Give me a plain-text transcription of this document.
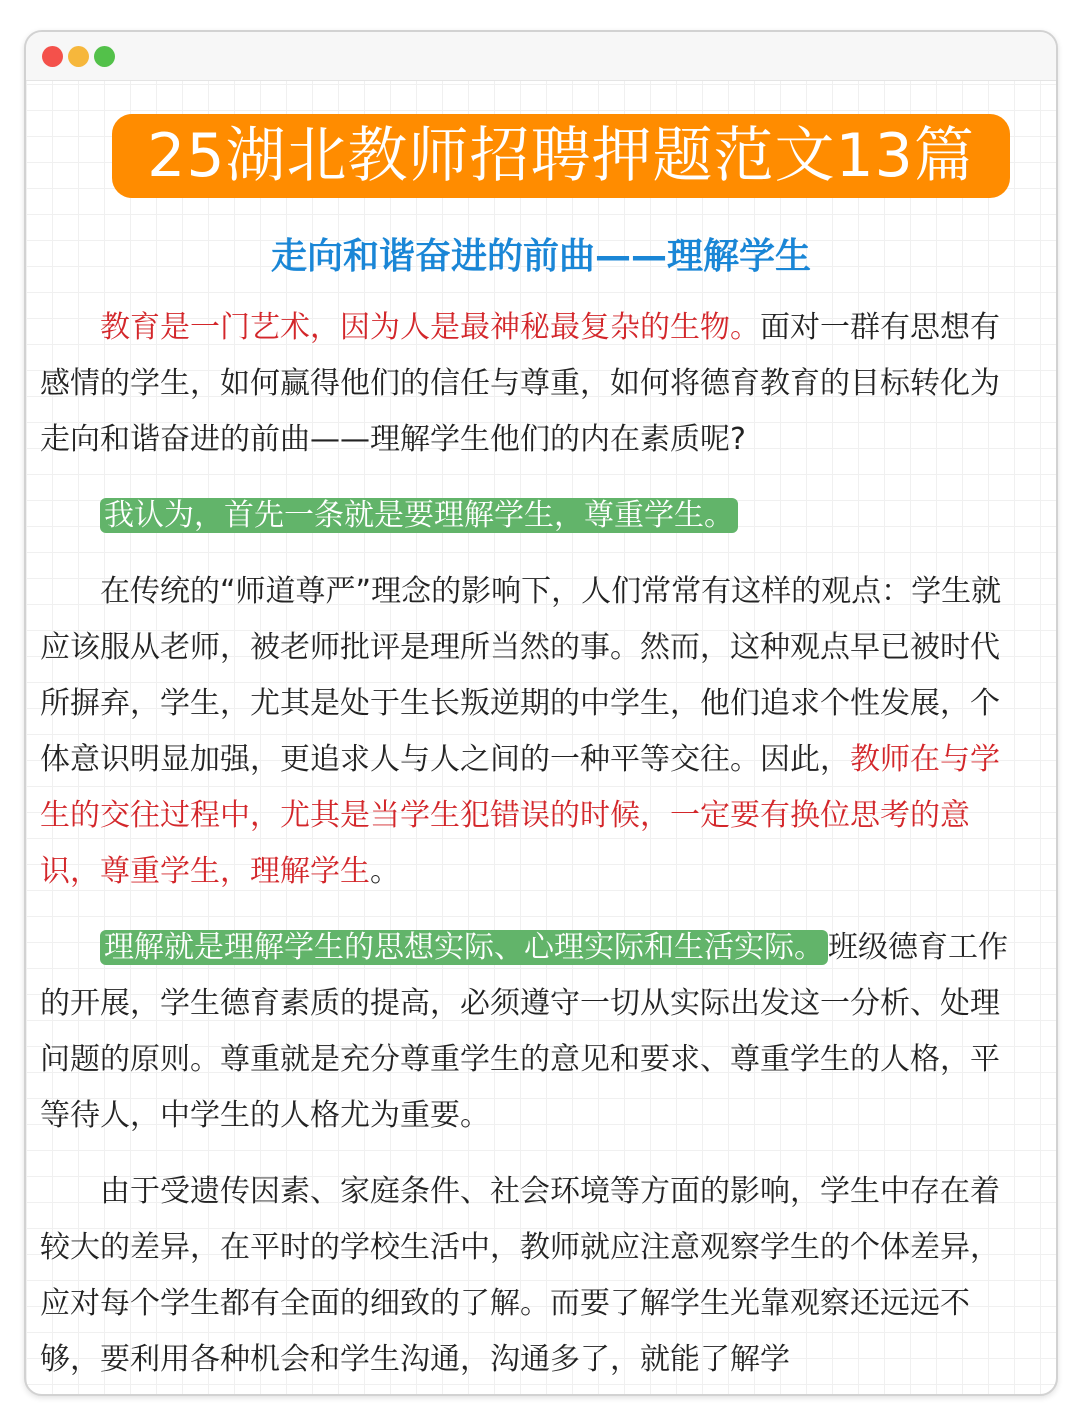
25湖北教师招聘押题范文13篇
走向和谐奋进的前曲——理解学生

教育是一门艺术，因为人是最神秘最复杂的生物。面对一群有思想有感情的学生，如何赢得他们的信任与尊重，如何将德育教育的目标转化为走向和谐奋进的前曲——理解学生他们的内在素质呢?

我认为，首先一条就是要理解学生，尊重学生。

在传统的“师道尊严”理念的影响下，人们常常有这样的观点：学生就应该服从老师，被老师批评是理所当然的事。然而，这种观点早已被时代所摒弃，学生，尤其是处于生长叛逆期的中学生，他们追求个性发展，个体意识明显加强，更追求人与人之间的一种平等交往。因此，教师在与学生的交往过程中，尤其是当学生犯错误的时候，一定要有换位思考的意识，尊重学生，理解学生。

理解就是理解学生的思想实际、心理实际和生活实际。 班级德育工作的开展，学生德育素质的提高，必须遵守一切从实际出发这一分析、处理问题的原则。尊重就是充分尊重学生的意见和要求、尊重学生的人格，平等待人，中学生的人格尤为重要。

由于受遗传因素、家庭条件、社会环境等方面的影响，学生中存在着较大的差异，在平时的学校生活中，教师就应注意观察学生的个体差异，应对每个学生都有全面的细致的了解。而要了解学生光靠观察还远远不够，要利用各种机会和学生沟通，沟通多了，就能了解学
